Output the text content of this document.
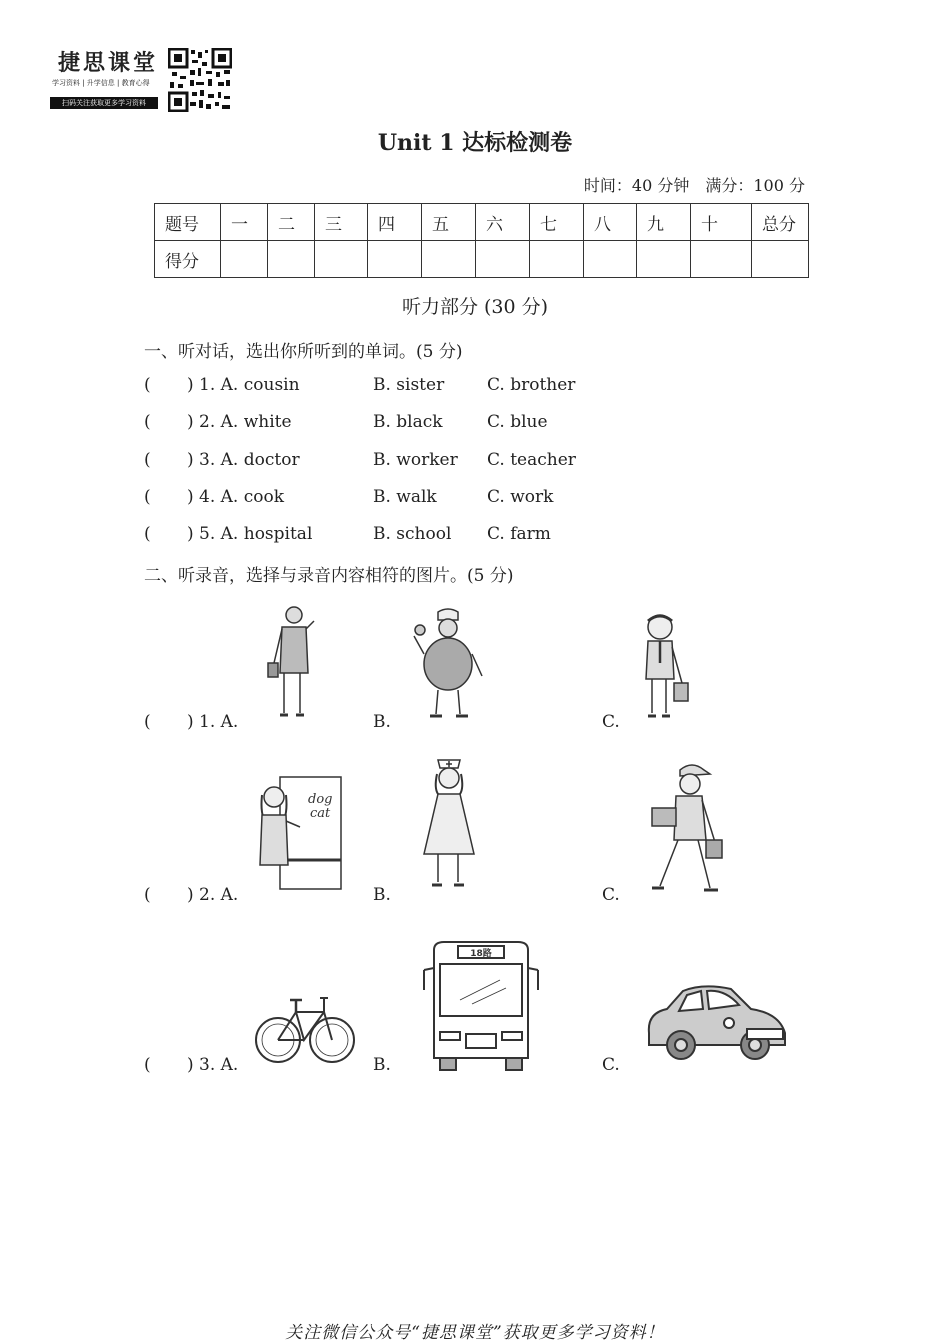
捷思课堂
学习资料 | 升学信息 | 教育心得
扫码关注获取更多学习资料
Unit 1 达标检测卷
时间：40 分钟　满分：100 分
题号	一	二	三	四	五	六	七	八	九	十	总分
得分											
听力部分 (30 分)
一、听对话，选出你所听到的单词。(5 分)
( ) 1. A. cousin	B. sister	C. brother
( ) 2. A. white	B. black	C. blue
( ) 3. A. doctor	B. worker C. teacher
( ) 4. A. cook	B. walk	C. work
( ) 5. A. hospital	B. school C. farm
二、听录音，选择与录音内容相符的图片。(5 分)
( ) 1. A.	B.	C.
( ) 2. A.	B.	C.
dog
cat
( ) 3. A.	B.	C.
18路
关注微信公众号“捷思课堂”获取更多学习资料！
